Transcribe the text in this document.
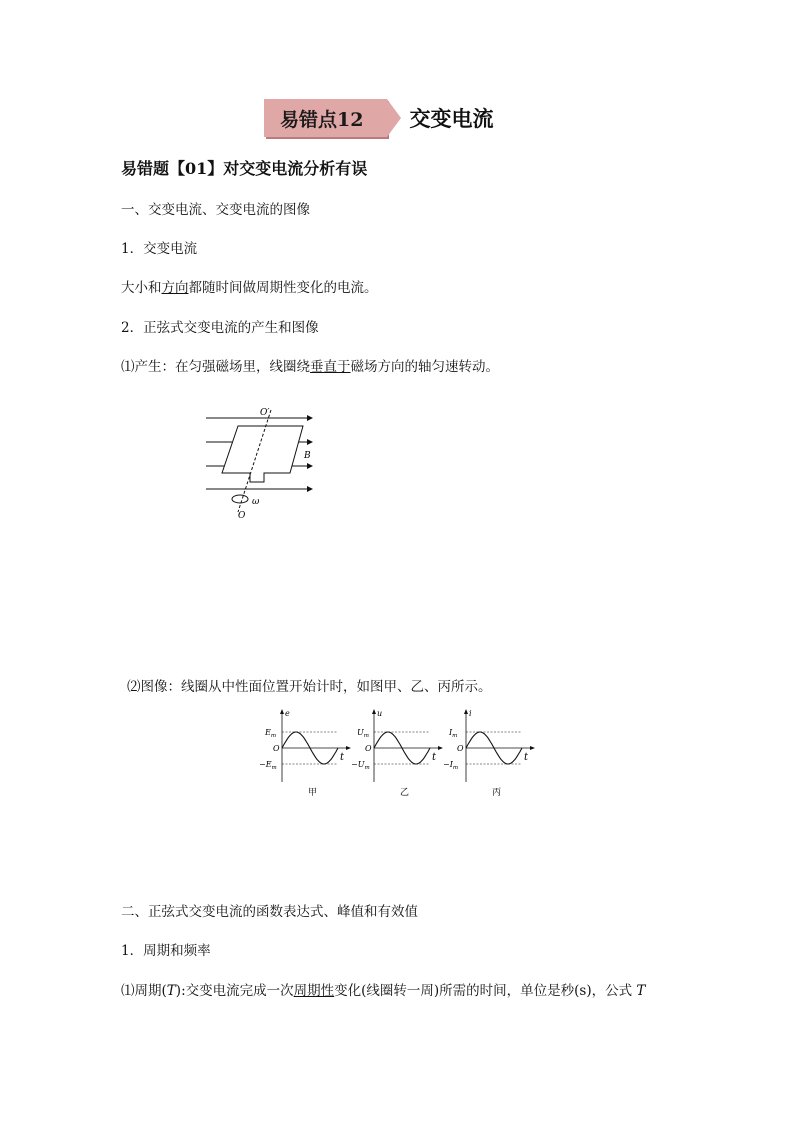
易错点12	交变电流
易错题【01】对交变电流分析有误
一、交变电流、交变电流的图像
1．交变电流
大小和方向都随时间做周期性变化的电流。
2．正弦式交变电流的产生和图像
⑴产生：在匀强磁场里，线圈绕垂直于磁场方向的轴匀速转动。
O′
B
ω
O
⑵图像：线圈从中性面位置开始计时，如图甲、乙、丙所示。
e
$E_m$
O
$-E_m$
t
甲
u
$U_m$
O
$-U_m$
t
乙
i
$I_m$
O
$-I_m$
t
丙
二、正弦式交变电流的函数表达式、峰值和有效值
1．周期和频率
⑴周期(T):交变电流完成一次周期性变化(线圈转一周)所需的时间，单位是秒(s)，公式 T
